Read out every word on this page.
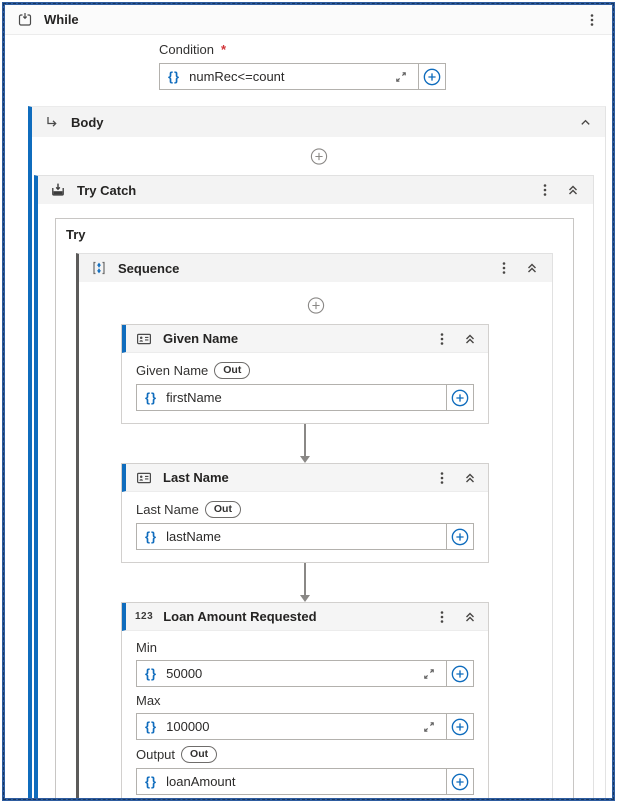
While
Condition *
{} numRec<=count
Body
Try Catch
Try
Sequence
Given Name
Given Name	Out
{} firstName
Last Name
Last Name	Out
{} lastName
123 Loan Amount Requested
Min
{} 50000
Max
{} 100000
Output	Out
{} loanAmount
